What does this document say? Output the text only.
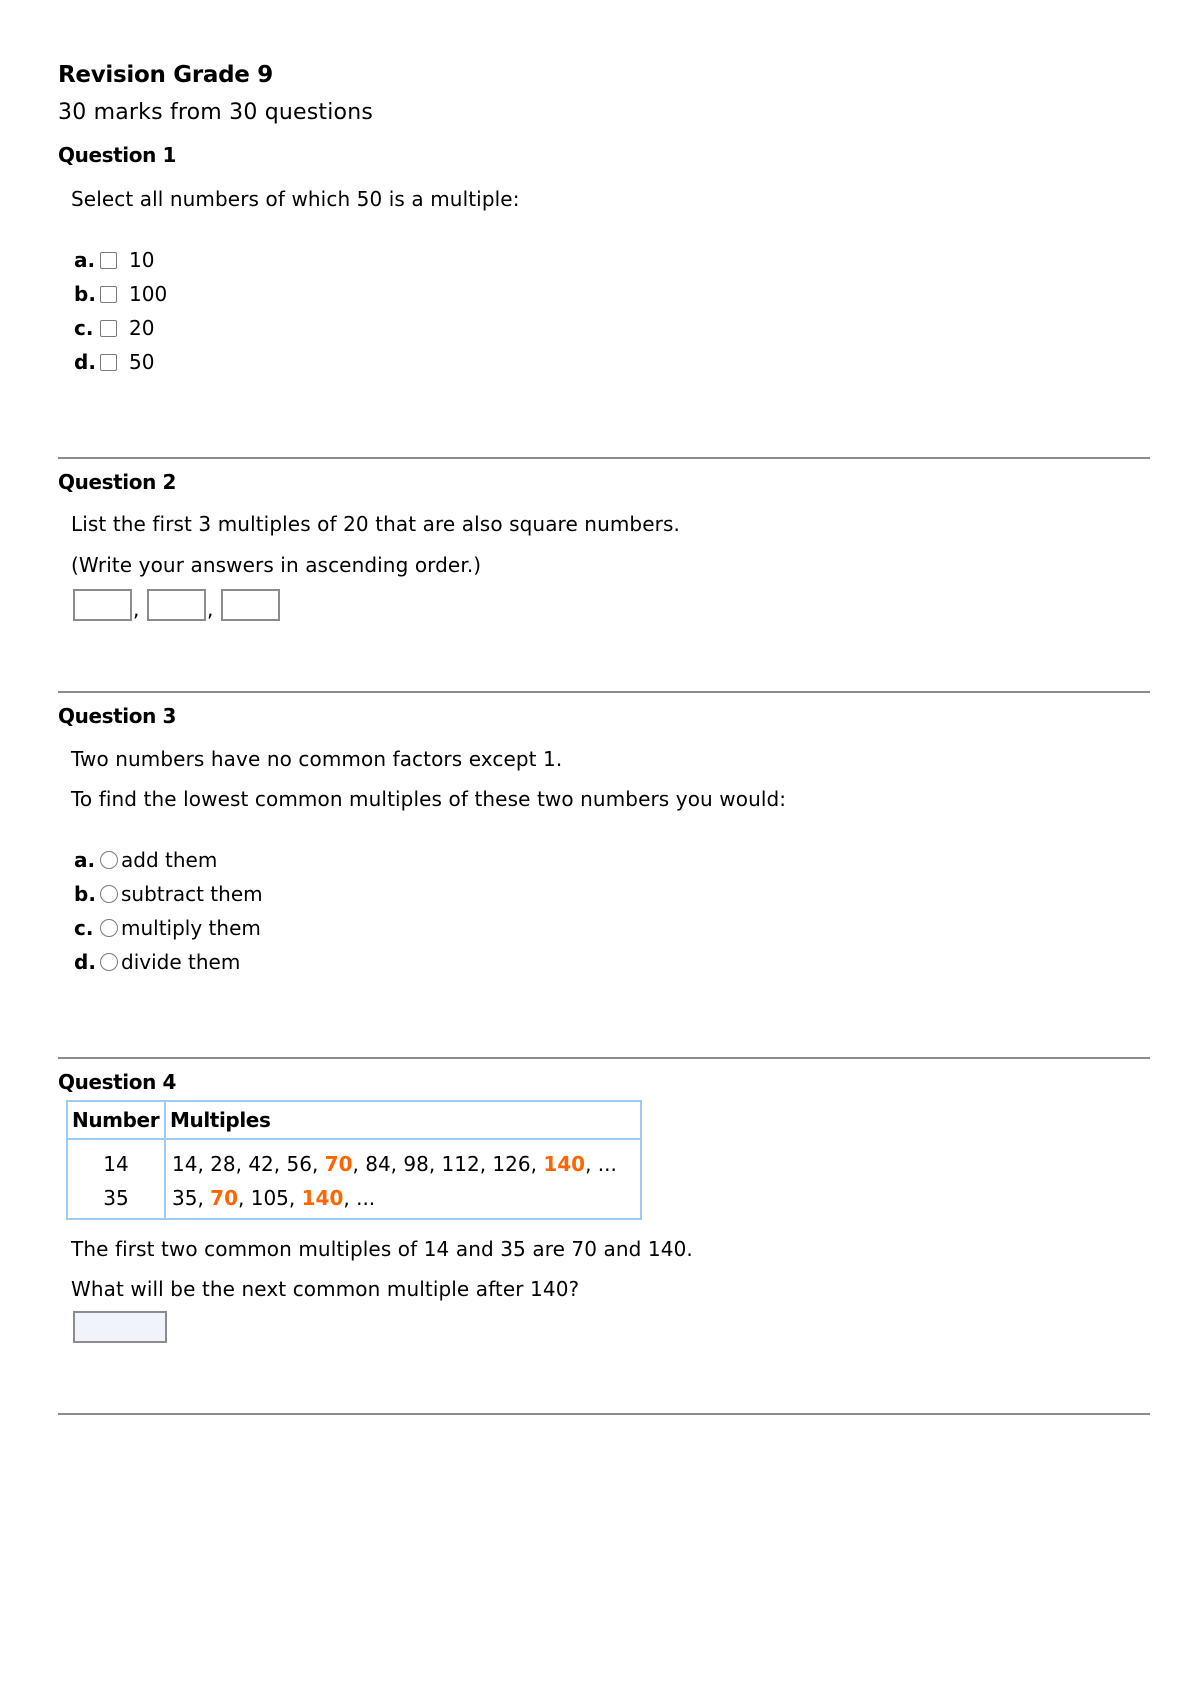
Revision Grade 9
30 marks from 30 questions
Question 1
Select all numbers of which 50 is a multiple:
a. 10
b. 100
c. 20
d. 50
Question 2
List the first 3 multiples of 20 that are also square numbers.
(Write your answers in ascending order.)
,	,
Question 3
Two numbers have no common factors except 1.
To find the lowest common multiples of these two numbers you would:
a. add them
b. subtract them
c. multiply them
d. divide them
Question 4
Number	Multiples
14	14, 28, 42, 56, 70, 84, 98, 112, 126, 140, ...
35	35, 70, 105, 140, ...
The first two common multiples of 14 and 35 are 70 and 140.
What will be the next common multiple after 140?
